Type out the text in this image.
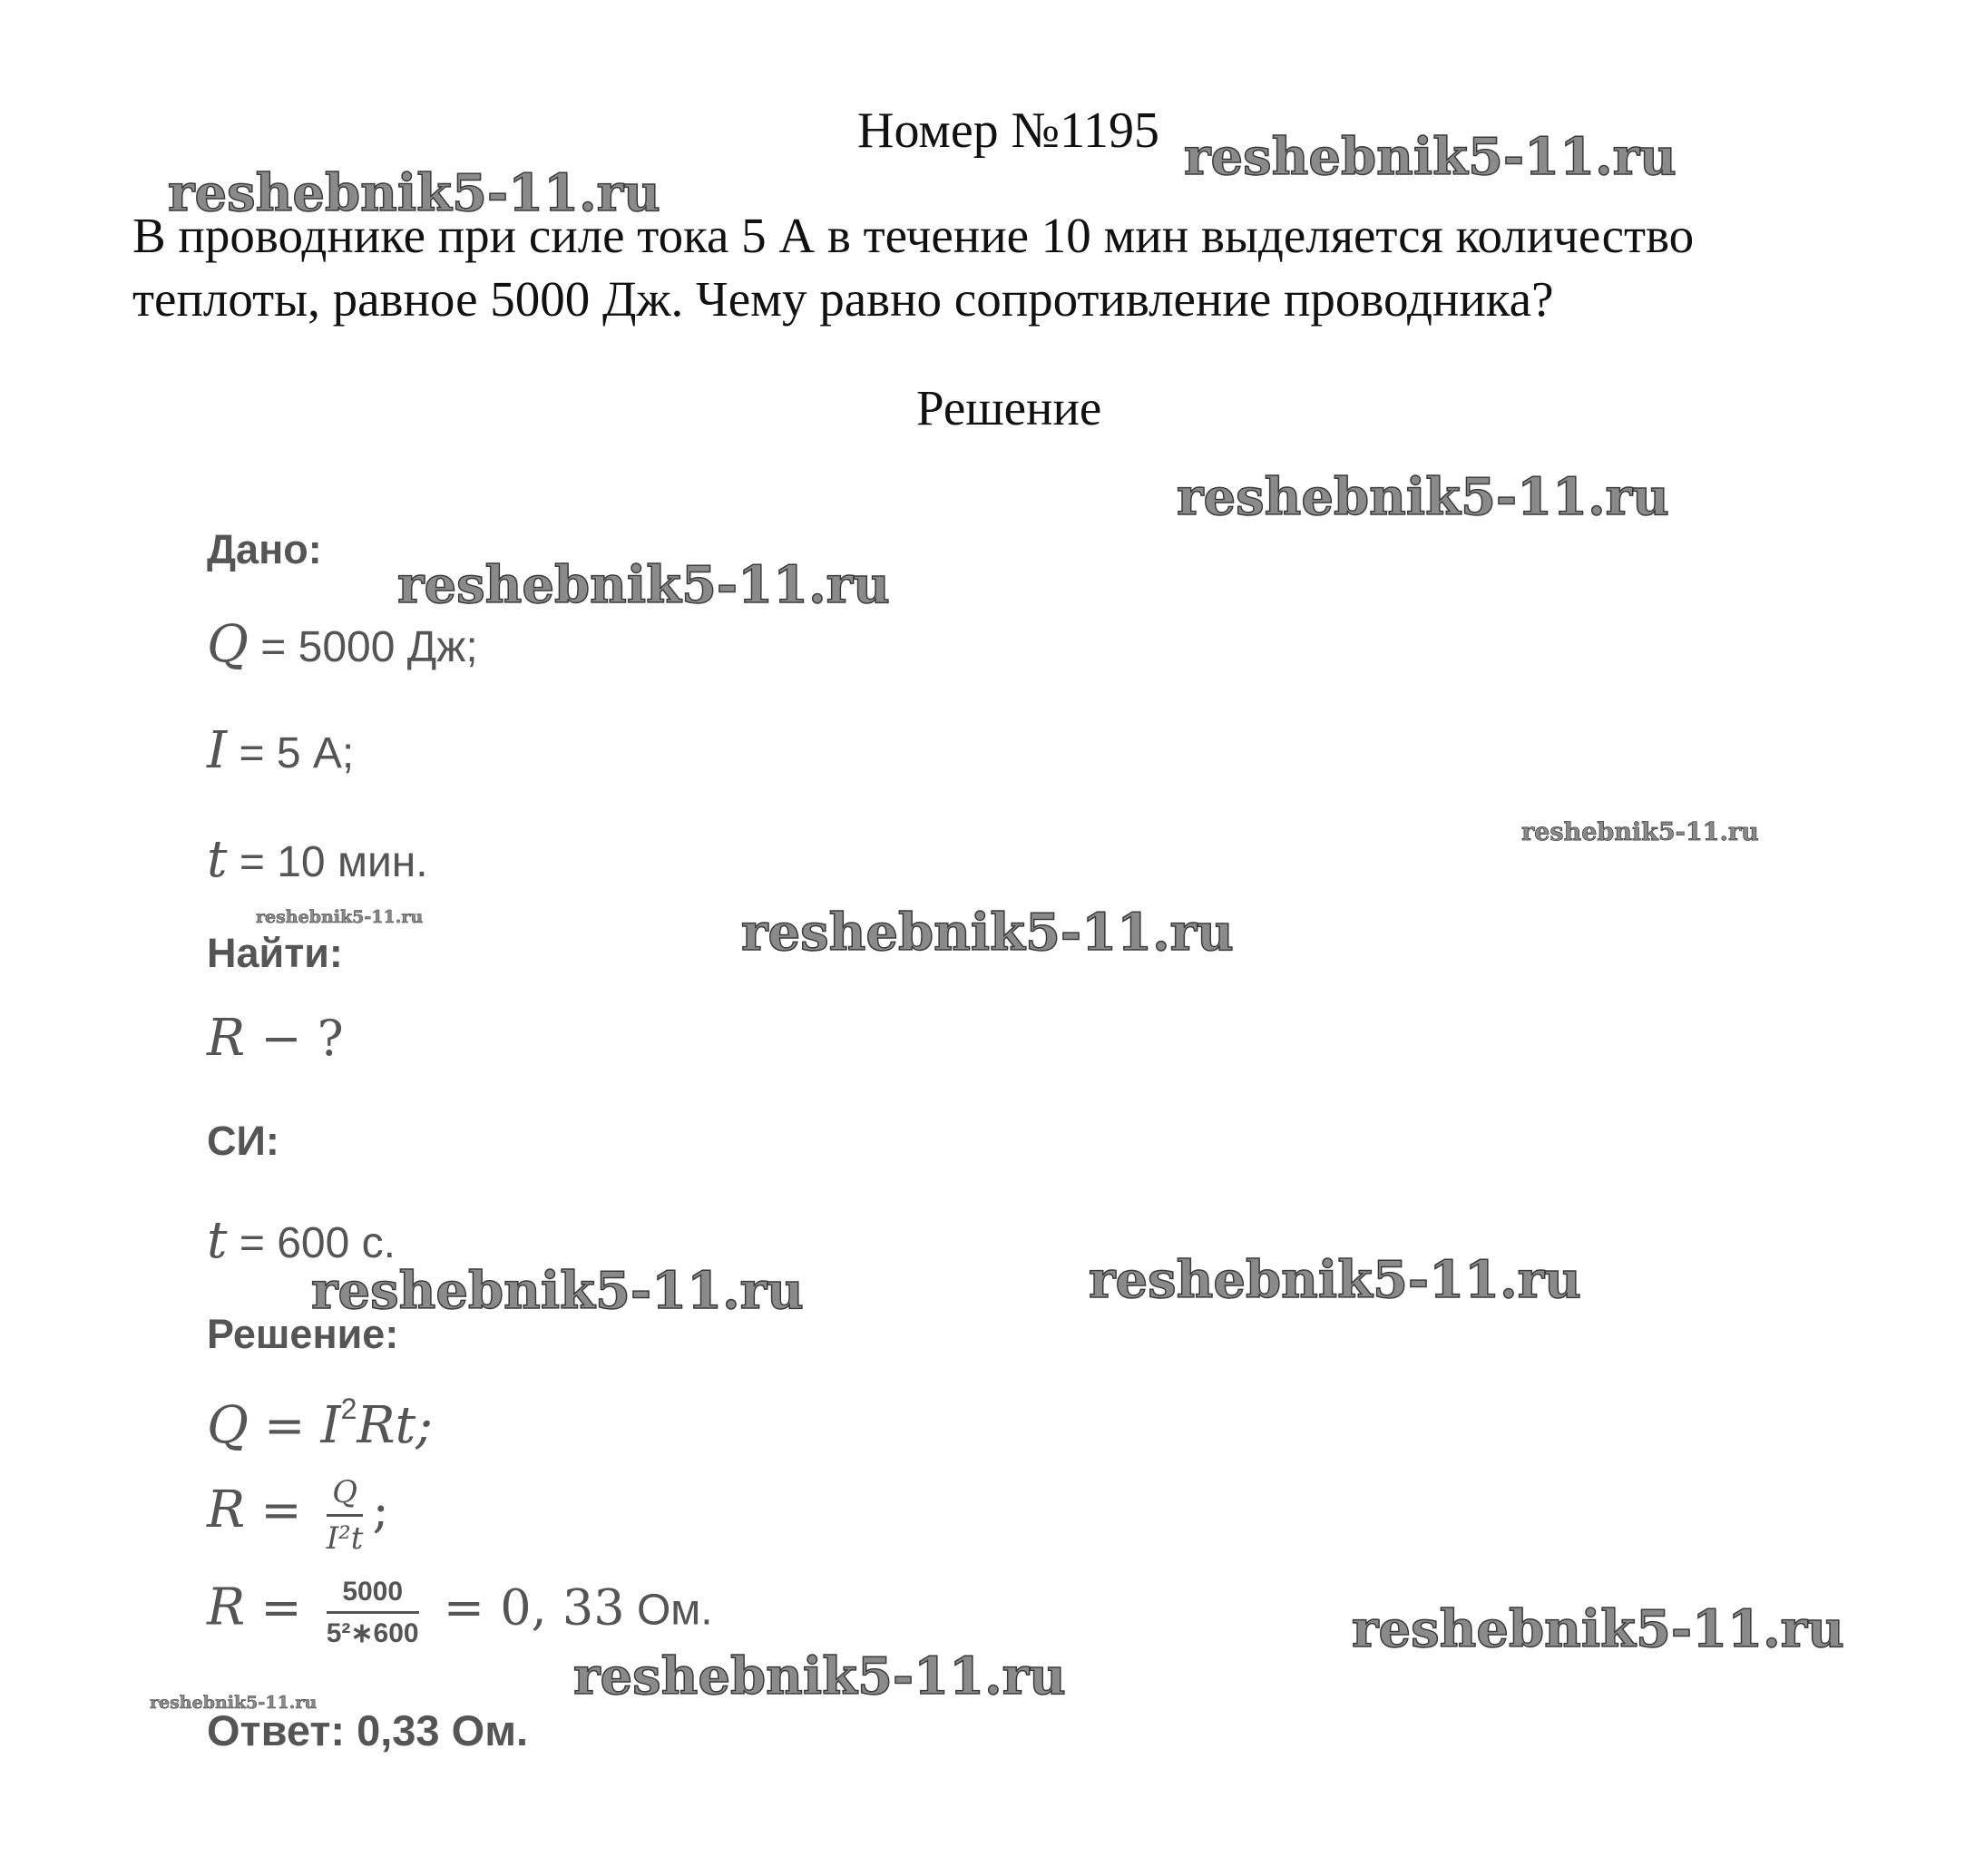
Номер №1195
В проводнике при силе тока 5 А в течение 10 мин выделяется количество
теплоты, равное 5000 Дж. Чему равно сопротивление проводника?
Решение
Дано:
Q = 5000 Дж;
I = 5 А;
t = 10 мин.
Найти:
R − ?
СИ:
t = 600 с.
Решение:
$Q = I^2Rt$;
$R = \frac{Q}{\text{I²t}}$ ;
$R = \frac{5000}{\text{5²∗600}} = 0$, 33 Ом.
Ответ: 0,33 Ом.
reshebnik5-11.ru
reshebnik5-11.ru
reshebnik5-11.ru
reshebnik5-11.ru
reshebnik5-11.ru
reshebnik5-11.ru	reshebnik5-11.ru
reshebnik5-11.ru
reshebnik5-11.ru
reshebnik5-11.ru
reshebnik5-11.ru
reshebnik5-11.ru
